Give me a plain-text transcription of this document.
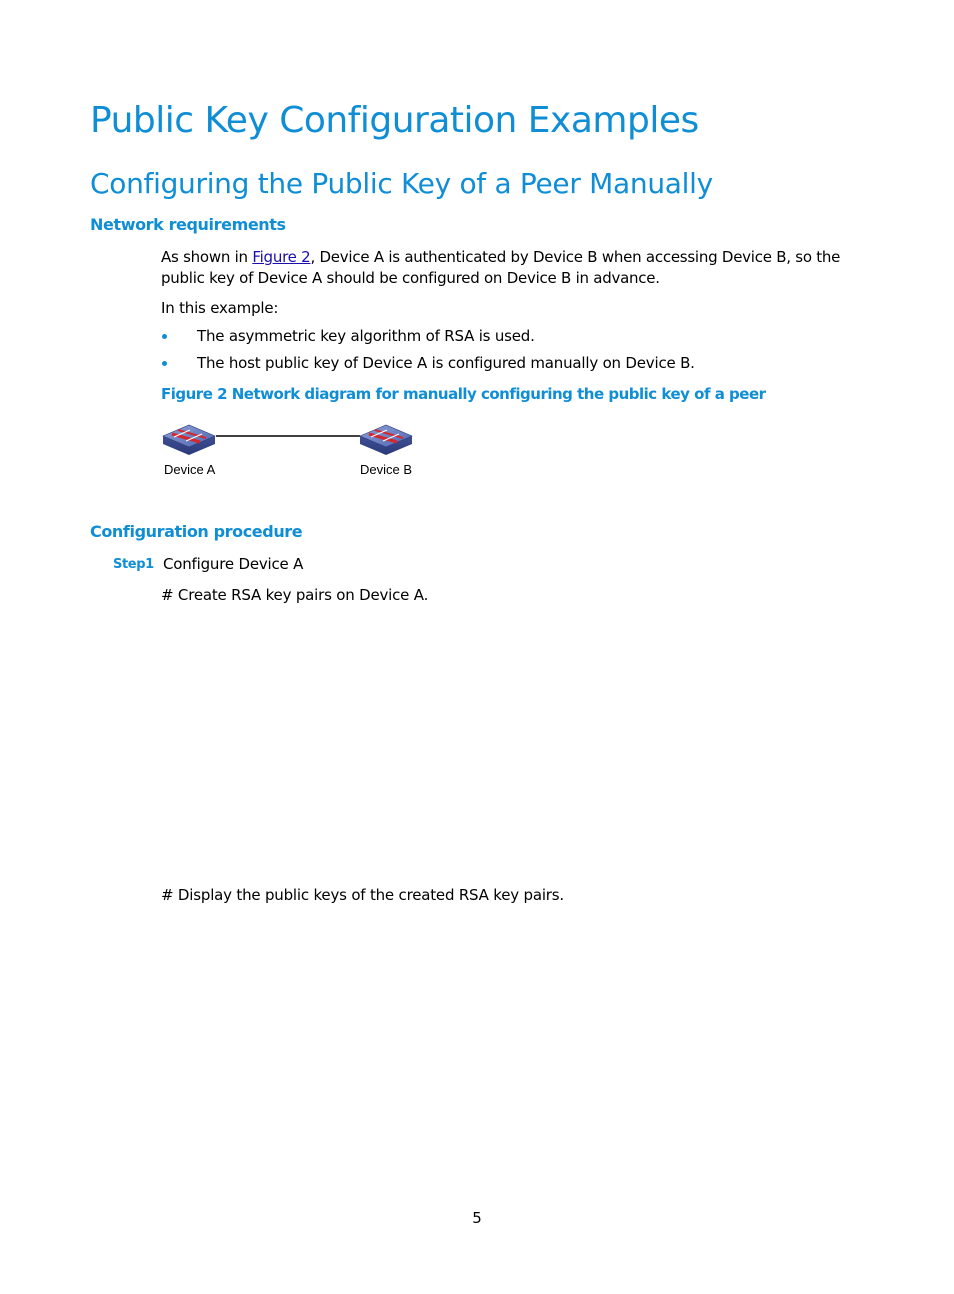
Public Key Configuration Examples
Configuring the Public Key of a Peer Manually
Network requirements
As shown in Figure 2, Device A is authenticated by Device B when accessing Device B, so the public key of Device A should be configured on Device B in advance.
In this example:
The asymmetric key algorithm of RSA is used.
The host public key of Device A is configured manually on Device B.
Figure 2 Network diagram for manually configuring the public key of a peer
Device A	Device B
Configuration procedure
Step1 Configure Device A
# Create RSA key pairs on Device A.
# Display the public keys of the created RSA key pairs.
5
